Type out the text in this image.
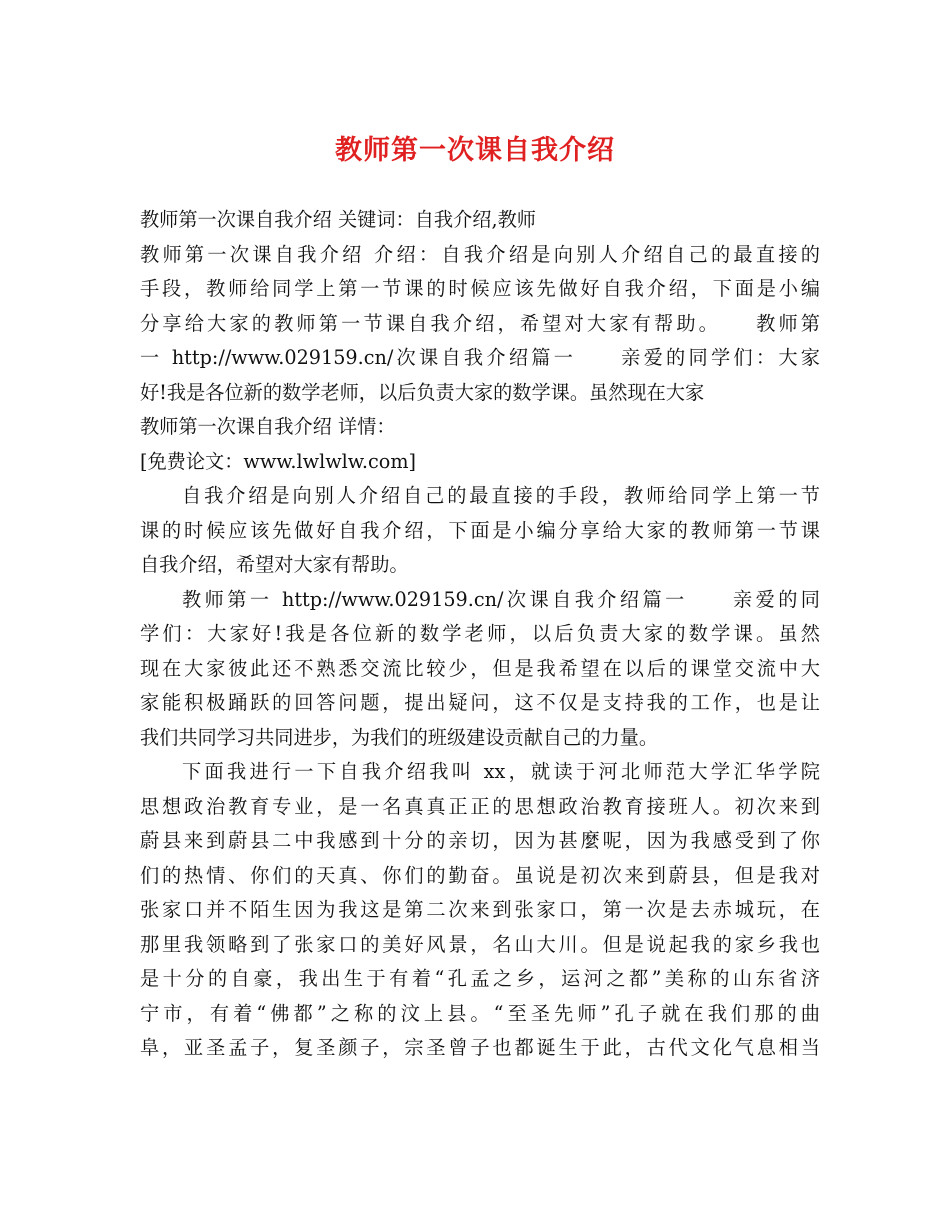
教师第一次课自我介绍
教师第一次课自我介绍 关键词：自我介绍,教师
教师第一次课自我介绍 介绍：自我介绍是向别人介绍自己的最直接的
手段，教师给同学上第一节课的时候应该先做好自我介绍，下面是小编
分享给大家的教师第一节课自我介绍，希望对大家有帮助。　　教师第
一 http://www.029159.cn/次课自我介绍篇一　　亲爱的同学们：大家
好!我是各位新的数学老师，以后负责大家的数学课。虽然现在大家
教师第一次课自我介绍 详情：
[免费论文：www.lwlwlw.com]
自我介绍是向别人介绍自己的最直接的手段，教师给同学上第一节
课的时候应该先做好自我介绍，下面是小编分享给大家的教师第一节课
自我介绍，希望对大家有帮助。
教师第一 http://www.029159.cn/次课自我介绍篇一　　亲爱的同
学们：大家好!我是各位新的数学老师，以后负责大家的数学课。虽然
现在大家彼此还不熟悉交流比较少，但是我希望在以后的课堂交流中大
家能积极踊跃的回答问题，提出疑问，这不仅是支持我的工作，也是让
我们共同学习共同进步，为我们的班级建设贡献自己的力量。
下面我进行一下自我介绍我叫 xx，就读于河北师范大学汇华学院
思想政治教育专业，是一名真真正正的思想政治教育接班人。初次来到
蔚县来到蔚县二中我感到十分的亲切，因为甚麼呢，因为我感受到了你
们的热情、你们的天真、你们的勤奋。虽说是初次来到蔚县，但是我对
张家口并不陌生因为我这是第二次来到张家口，第一次是去赤城玩，在
那里我领略到了张家口的美好风景，名山大川。但是说起我的家乡我也
是十分的自豪，我出生于有着“孔孟之乡，运河之都”美称的山东省济
宁市，有着“佛都”之称的汶上县。“至圣先师”孔子就在我们那的曲
阜，亚圣孟子，复圣颜子，宗圣曾子也都诞生于此，古代文化气息相当
